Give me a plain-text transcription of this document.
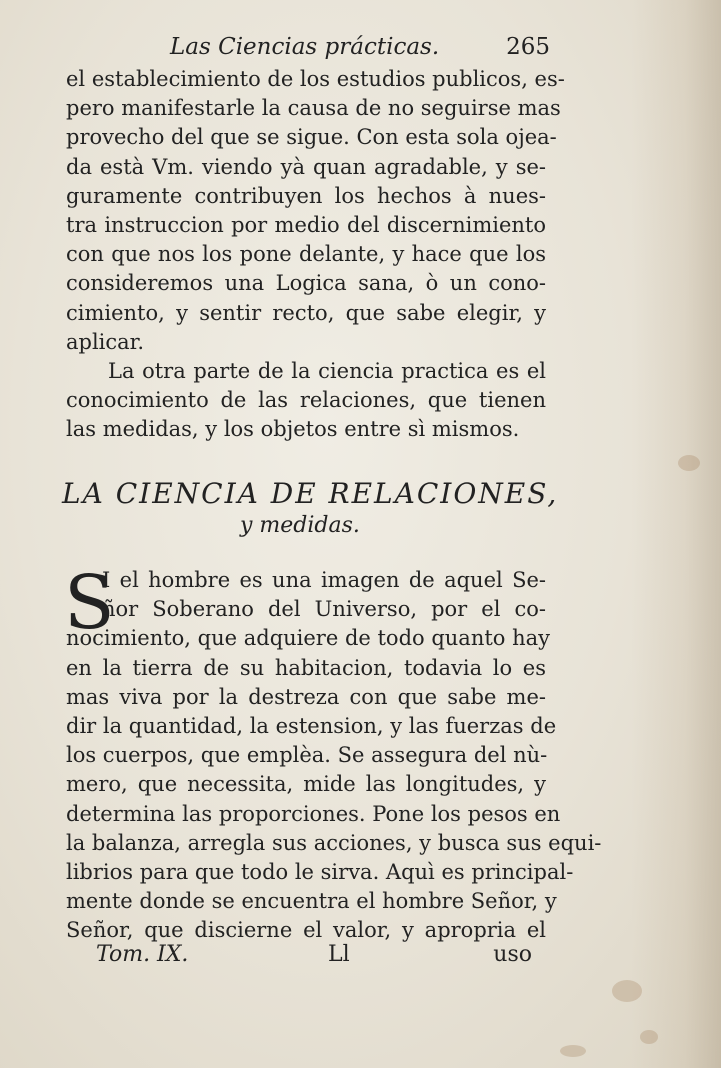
Las Ciencias prácticas.	265
el establecimiento de los estudios publicos, es-
pero manifestarle la causa de no seguirse mas
provecho del que se sigue. Con esta sola ojea-
da està Vm. viendo yà quan agradable, y se-
guramente contribuyen los hechos à nues-
tra instruccion por medio del discernimiento
con que nos los pone delante, y hace que los
consideremos una Logica sana, ò un cono-
cimiento, y sentir recto, que sabe elegir, y
aplicar.
La otra parte de la ciencia practica es el
conocimiento de las relaciones, que tienen
las medidas, y los objetos entre sì mismos.
LA CIENCIA DE RELACIONES,
y medidas.
S
I el hombre es una imagen de aquel Se-
ñor Soberano del Universo, por el co-
nocimiento, que adquiere de todo quanto hay
en la tierra de su habitacion, todavia lo es
mas viva por la destreza con que sabe me-
dir la quantidad, la estension, y las fuerzas de
los cuerpos, que emplèa. Se assegura del nù-
mero, que necessita, mide las longitudes, y
determina las proporciones. Pone los pesos en
la balanza, arregla sus acciones, y busca sus equi-
librios para que todo le sirva. Aquì es principal-
mente donde se encuentra el hombre Señor, y
Señor, que discierne el valor, y apropria el
Tom. IX.	Ll	uso
